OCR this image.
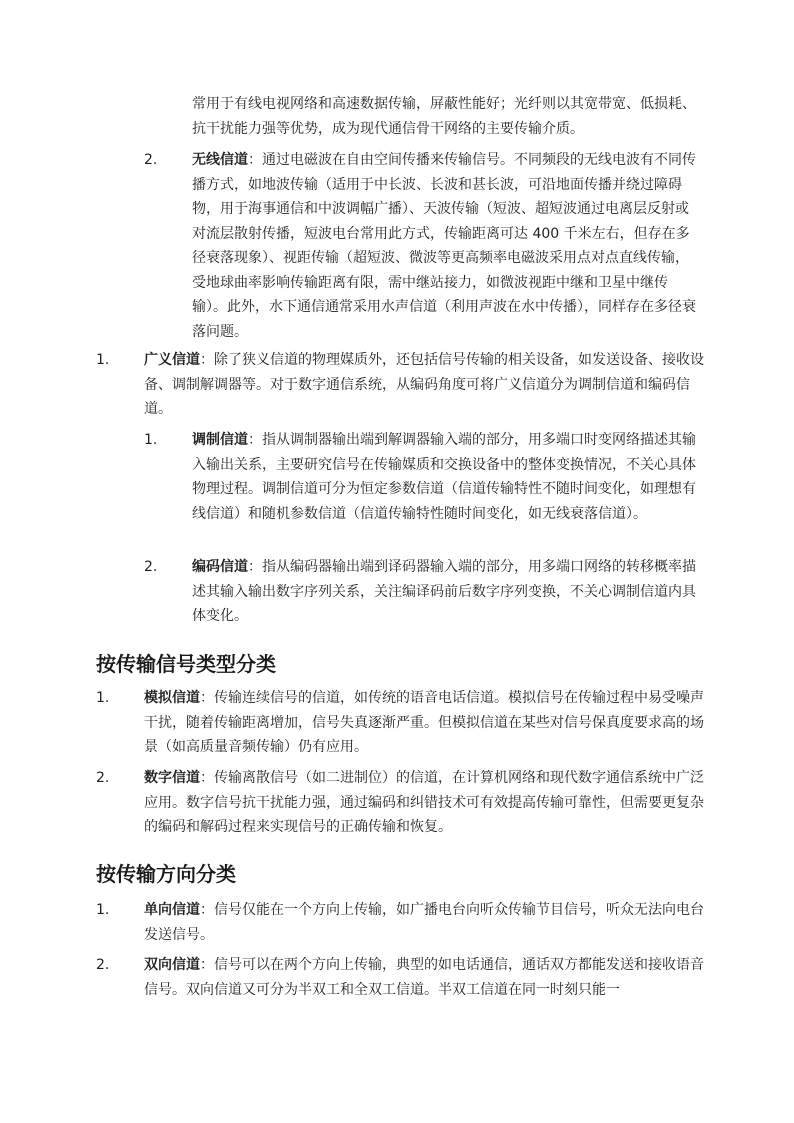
常用于有线电视网络和高速数据传输，屏蔽性能好；光纤则以其宽带宽、低损耗、抗干扰能力强等优势，成为现代通信骨干网络的主要传输介质。

2. 无线信道：通过电磁波在自由空间传播来传输信号。不同频段的无线电波有不同传播方式，如地波传输（适用于中长波、长波和甚长波，可沿地面传播并绕过障碍物，用于海事通信和中波调幅广播）、天波传输（短波、超短波通过电离层反射或对流层散射传播，短波电台常用此方式，传输距离可达 400 千米左右，但存在多径衰落现象）、视距传输（超短波、微波等更高频率电磁波采用点对点直线传输，受地球曲率影响传输距离有限，需中继站接力，如微波视距中继和卫星中继传输）。此外，水下通信通常采用水声信道（利用声波在水中传播），同样存在多径衰落问题。

1. 广义信道：除了狭义信道的物理媒质外，还包括信号传输的相关设备，如发送设备、接收设备、调制解调器等。对于数字通信系统，从编码角度可将广义信道分为调制信道和编码信道。

1. 调制信道：指从调制器输出端到解调器输入端的部分，用多端口时变网络描述其输入输出关系，主要研究信号在传输媒质和交换设备中的整体变换情况，不关心具体物理过程。调制信道可分为恒定参数信道（信道传输特性不随时间变化，如理想有线信道）和随机参数信道（信道传输特性随时间变化，如无线衰落信道）。

2. 编码信道：指从编码器输出端到译码器输入端的部分，用多端口网络的转移概率描述其输入输出数字序列关系，关注编译码前后数字序列变换，不关心调制信道内具体变化。

按传输信号类型分类
1. 模拟信道：传输连续信号的信道，如传统的语音电话信道。模拟信号在传输过程中易受噪声干扰，随着传输距离增加，信号失真逐渐严重。但模拟信道在某些对信号保真度要求高的场景（如高质量音频传输）仍有应用。

2. 数字信道：传输离散信号（如二进制位）的信道，在计算机网络和现代数字通信系统中广泛应用。数字信号抗干扰能力强，通过编码和纠错技术可有效提高传输可靠性，但需要更复杂的编码和解码过程来实现信号的正确传输和恢复。

按传输方向分类
1. 单向信道：信号仅能在一个方向上传输，如广播电台向听众传输节目信号，听众无法向电台发送信号。

2. 双向信道：信号可以在两个方向上传输，典型的如电话通信，通话双方都能发送和接收语音信号。双向信道又可分为半双工和全双工信道。半双工信道在同一时刻只能一
